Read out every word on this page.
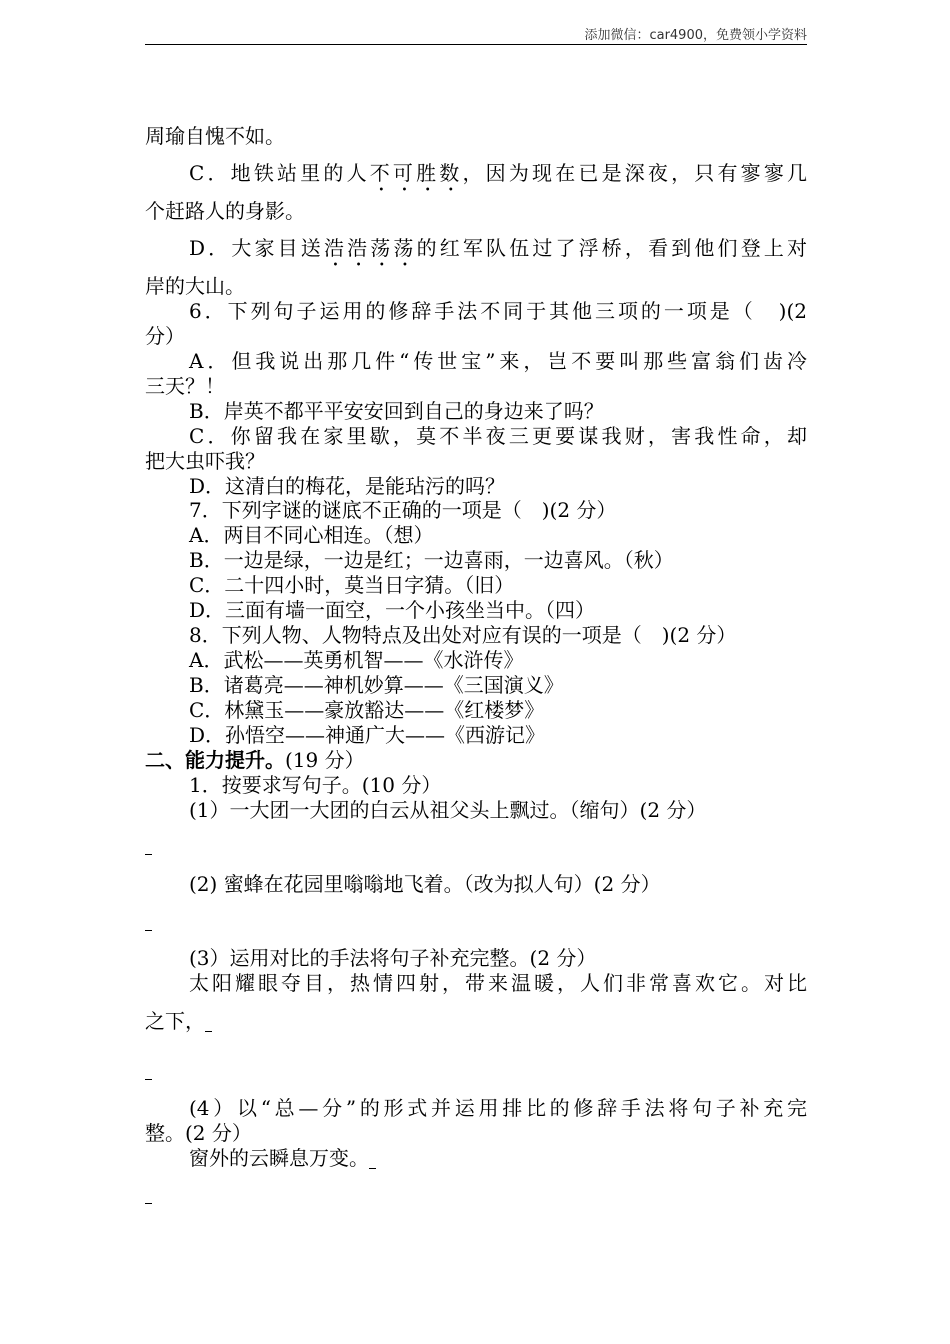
添加微信：car4900，免费领小学资料
周瑜自愧不如。
C．地铁站里的人不可胜数，因为现在已是深夜，只有寥寥几
个赶路人的身影。
D．大家目送浩浩荡荡的红军队伍过了浮桥，看到他们登上对
岸的大山。
6．下列句子运用的修辞手法不同于其他三项的一项是（　)(2
分）
A．但我说出那几件“传世宝”来，岂不要叫那些富翁们齿冷
三天？！
B．岸英不都平平安安回到自己的身边来了吗？
C．你留我在家里歇，莫不半夜三更要谋我财，害我性命，却
把大虫吓我？
D．这清白的梅花，是能玷污的吗？
7．下列字谜的谜底不正确的一项是（　)(2 分）
A．两目不同心相连。（想）
B．一边是绿，一边是红；一边喜雨，一边喜风。（秋）
C．二十四小时，莫当日字猜。（旧）
D．三面有墙一面空，一个小孩坐当中。（四）
8．下列人物、人物特点及出处对应有误的一项是（　)(2 分）
A．武松——英勇机智——《水浒传》
B．诸葛亮——神机妙算——《三国演义》
C．林黛玉——豪放豁达——《红楼梦》
D．孙悟空——神通广大——《西游记》
二、能力提升。(19 分）
1．按要求写句子。(10 分）
(1）一大团一大团的白云从祖父头上飘过。（缩句）(2 分）
(2) 蜜蜂在花园里嗡嗡地飞着。（改为拟人句）(2 分）
(3）运用对比的手法将句子补充完整。(2 分）
太阳耀眼夺目，热情四射，带来温暖，人们非常喜欢它。对比
之下，
(4）以“总—分”的形式并运用排比的修辞手法将句子补充完
整。(2 分）
窗外的云瞬息万变。
